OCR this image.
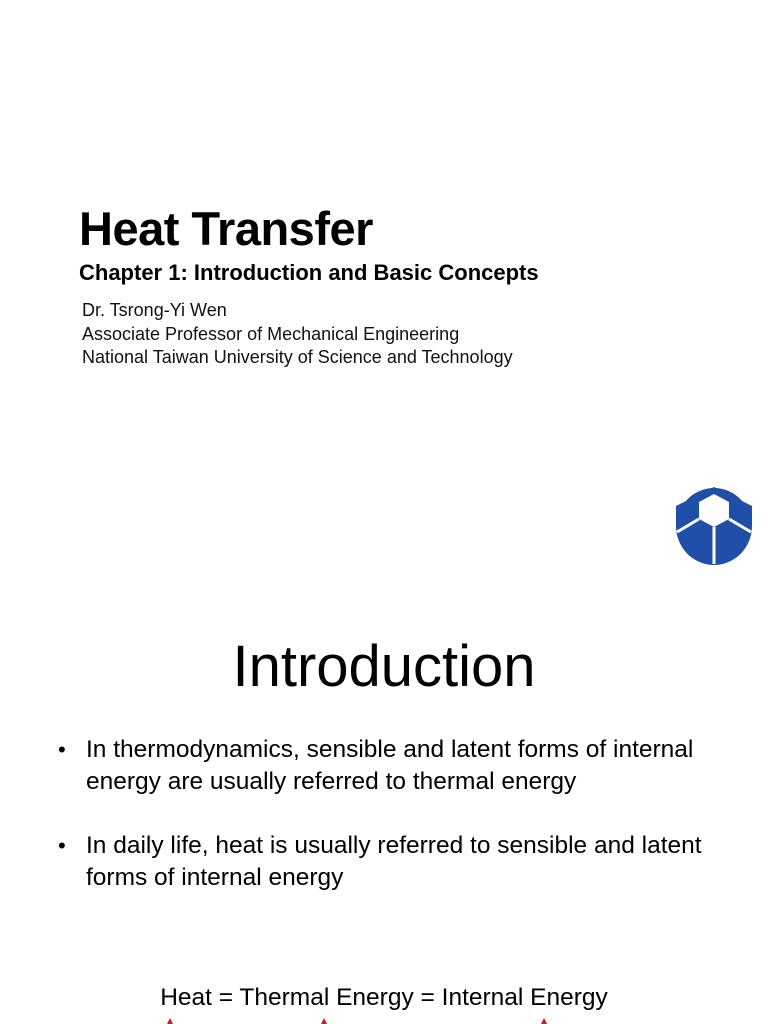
Heat Transfer
Chapter 1: Introduction and Basic Concepts
Dr. Tsrong-Yi Wen
Associate Professor of Mechanical Engineering
National Taiwan University of Science and Technology
Introduction
• In thermodynamics, sensible and latent forms of internal energy are usually referred to thermal energy
• In daily life, heat is usually referred to sensible and latent forms of internal energy
Heat = Thermal Energy = Internal Energy
